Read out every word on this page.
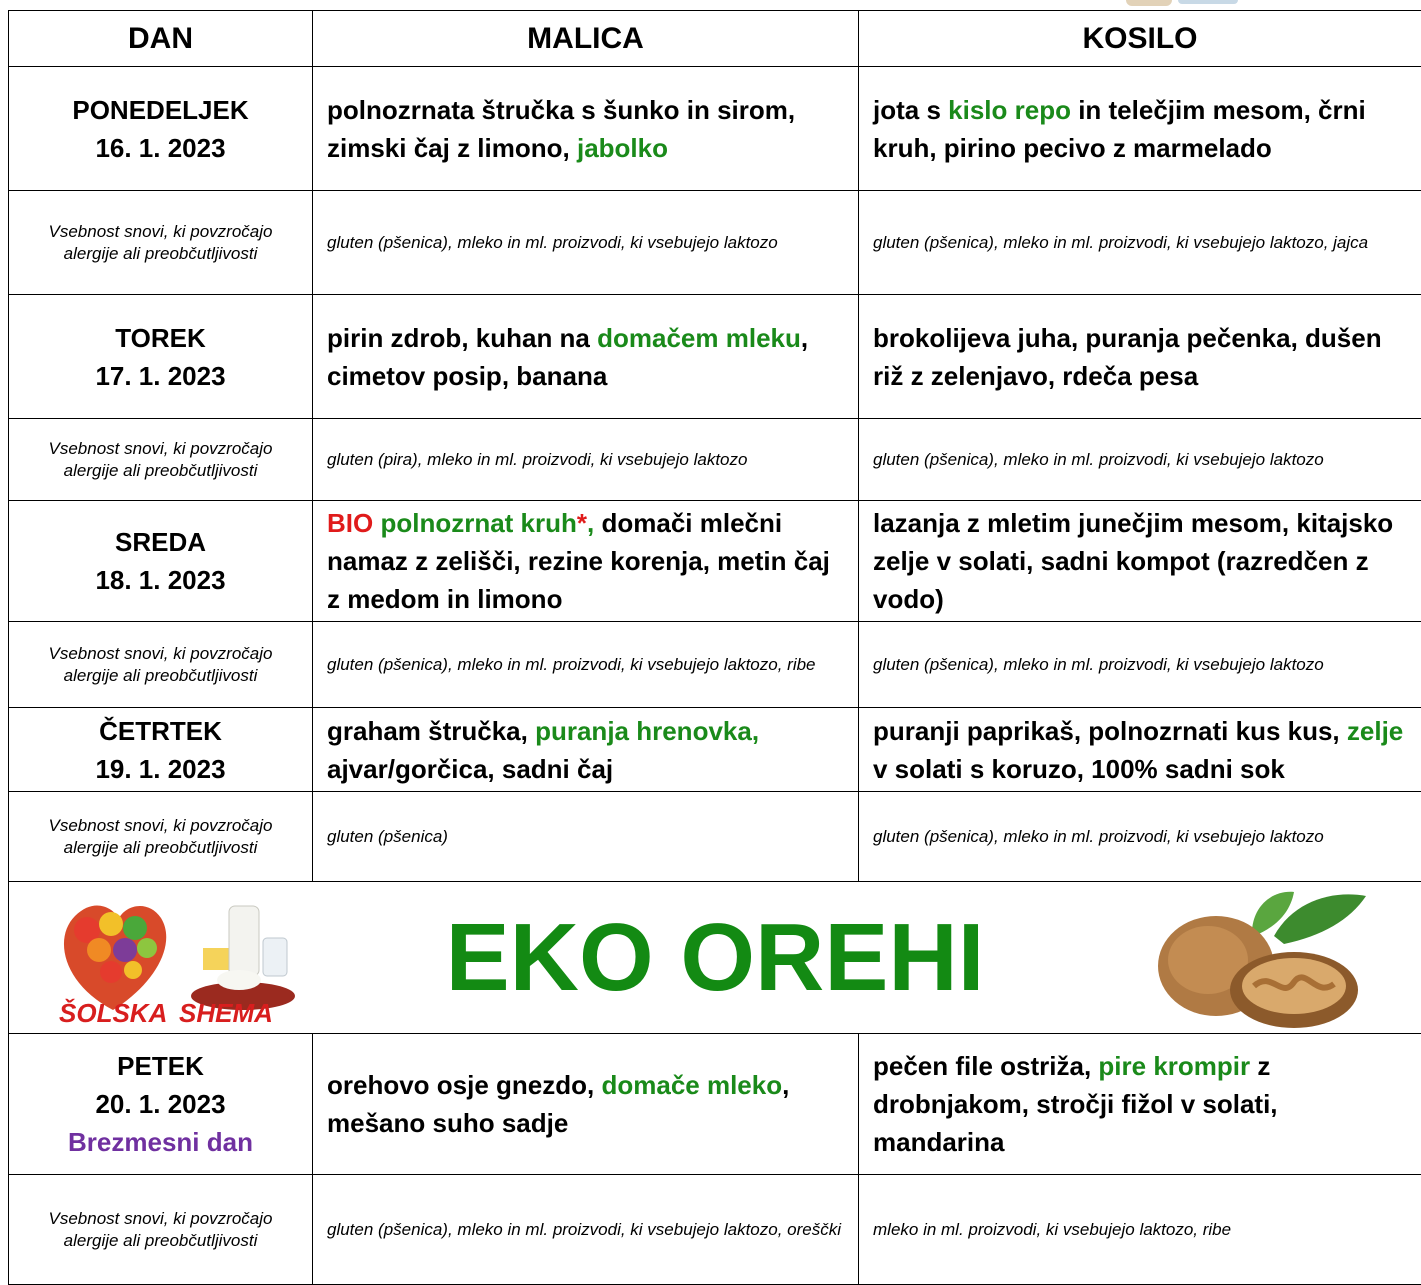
DAN	MALICA	KOSILO

PONEDELJEK
16. 1. 2023	polnozrnata štručka s šunko in sirom, zimski čaj z limono, jabolko	jota s kislo repo in telečjim mesom, črni kruh, pirino pecivo z marmelado
Vsebnost snovi, ki povzročajo alergije ali preobčutljivosti	gluten (pšenica), mleko in ml. proizvodi, ki vsebujejo laktozo	gluten (pšenica), mleko in ml. proizvodi, ki vsebujejo laktozo, jajca

TOREK
17. 1. 2023	pirin zdrob, kuhan na domačem mleku, cimetov posip, banana	brokolijeva juha, puranja pečenka, dušen riž z zelenjavo, rdeča pesa
Vsebnost snovi, ki povzročajo alergije ali preobčutljivosti	gluten (pira), mleko in ml. proizvodi, ki vsebujejo laktozo	gluten (pšenica), mleko in ml. proizvodi, ki vsebujejo laktozo

SREDA
18. 1. 2023	BIO polnozrnat kruh*, domači mlečni namaz z zelišči, rezine korenja, metin čaj z medom in limono	lazanja z mletim junečjim mesom, kitajsko zelje v solati, sadni kompot (razredčen z vodo)
Vsebnost snovi, ki povzročajo alergije ali preobčutljivosti	gluten (pšenica), mleko in ml. proizvodi, ki vsebujejo laktozo, ribe	gluten (pšenica), mleko in ml. proizvodi, ki vsebujejo laktozo

ČETRTEK
19. 1. 2023	graham štručka, puranja hrenovka, ajvar/gorčica, sadni čaj	puranji paprikaš, polnozrnati kus kus, zelje v solati s koruzo, 100% sadni sok
Vsebnost snovi, ki povzročajo alergije ali preobčutljivosti	gluten (pšenica)	gluten (pšenica), mleko in ml. proizvodi, ki vsebujejo laktozo

ŠOLSKA SHEMA
EKO OREHI		

PETEK
20. 1. 2023
Brezmesni dan	orehovo osje gnezdo, domače mleko, mešano suho sadje	pečen file ostriža, pire krompir z drobnjakom, stročji fižol v solati, mandarina
Vsebnost snovi, ki povzročajo alergije ali preobčutljivosti	gluten (pšenica), mleko in ml. proizvodi, ki vsebujejo laktozo, oreščki	mleko in ml. proizvodi, ki vsebujejo laktozo, ribe
